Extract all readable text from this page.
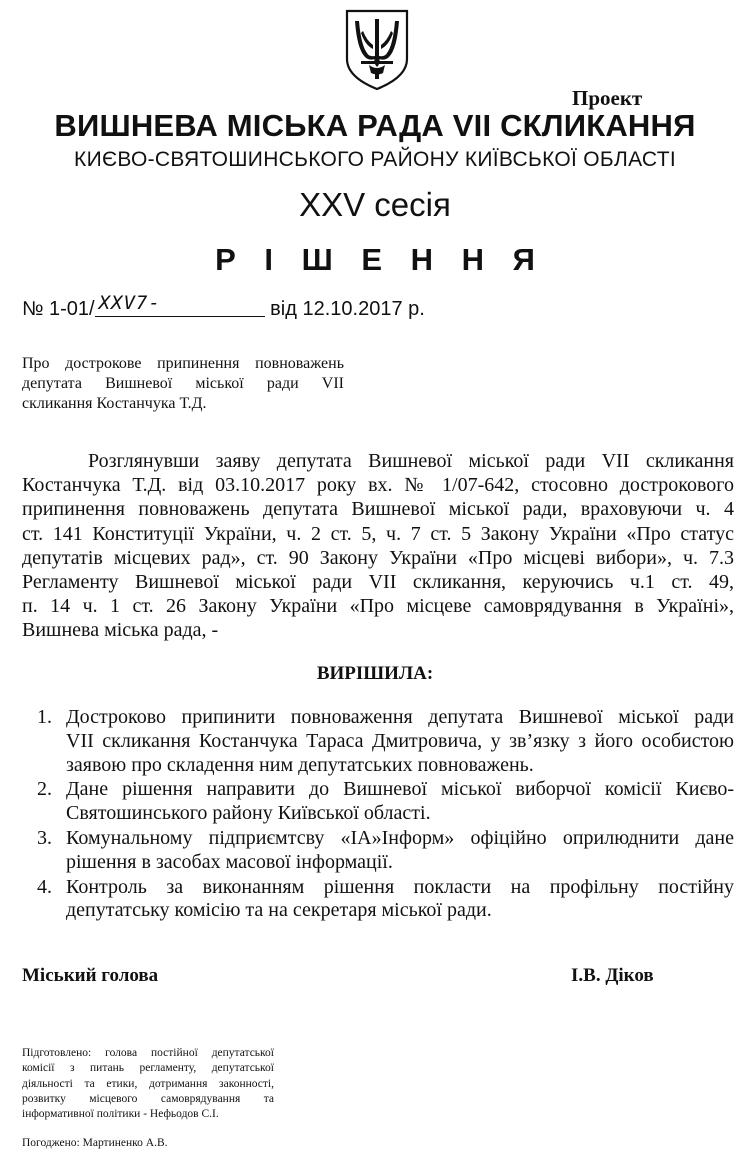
Проект
ВИШНЕВА МІСЬКА РАДА VII СКЛИКАННЯ
КИЄВО-СВЯТОШИНСЬКОГО РАЙОНУ КИЇВСЬКОЇ ОБЛАСТІ
XXV сесія
Р І Ш Е Н Н Я
№ 1-01/ XXV7-	від 12.10.2017 р.
Про дострокове припинення повноважень
депутата Вишневої міської ради VII
скликання Костанчука Т.Д.
Розглянувши заяву депутата Вишневої міської ради VII скликання
Костанчука Т.Д. від 03.10.2017 року вх. № 1/07-642, стосовно дострокового
припинення повноважень депутата Вишневої міської ради, враховуючи ч. 4
ст. 141 Конституції України, ч. 2 ст. 5, ч. 7 ст. 5 Закону України «Про статус
депутатів місцевих рад», ст. 90 Закону України «Про місцеві вибори», ч. 7.3
Регламенту Вишневої міської ради VII скликання, керуючись ч.1 ст. 49,
п. 14 ч. 1 ст. 26 Закону України «Про місцеве самоврядування в Україні»,
Вишнева міська рада, -
ВИРІШИЛА:
1. Достроково припинити повноваження депутата Вишневої міської ради
VII скликання Костанчука Тараса Дмитровича, у зв’язку з його особистою
заявою про складення ним депутатських повноважень.
2. Дане рішення направити до Вишневої міської виборчої комісії Києво-
Святошинського району Київської області.
3. Комунальному підприємтсву «ІА»Інформ» офіційно оприлюднити дане
рішення в засобах масової інформації.
4. Контроль за виконанням рішення покласти на профільну постійну
депутатську комісію та на секретаря міської ради.
Міський голова	І.В. Діков
Підготовлено: голова постійної депутатської
комісії з питань регламенту, депутатської
діяльності та етики, дотримання законності,
розвитку місцевого самоврядування та
інформативної політики - Нефьодов С.І.
Погоджено: Мартиненко А.В.
